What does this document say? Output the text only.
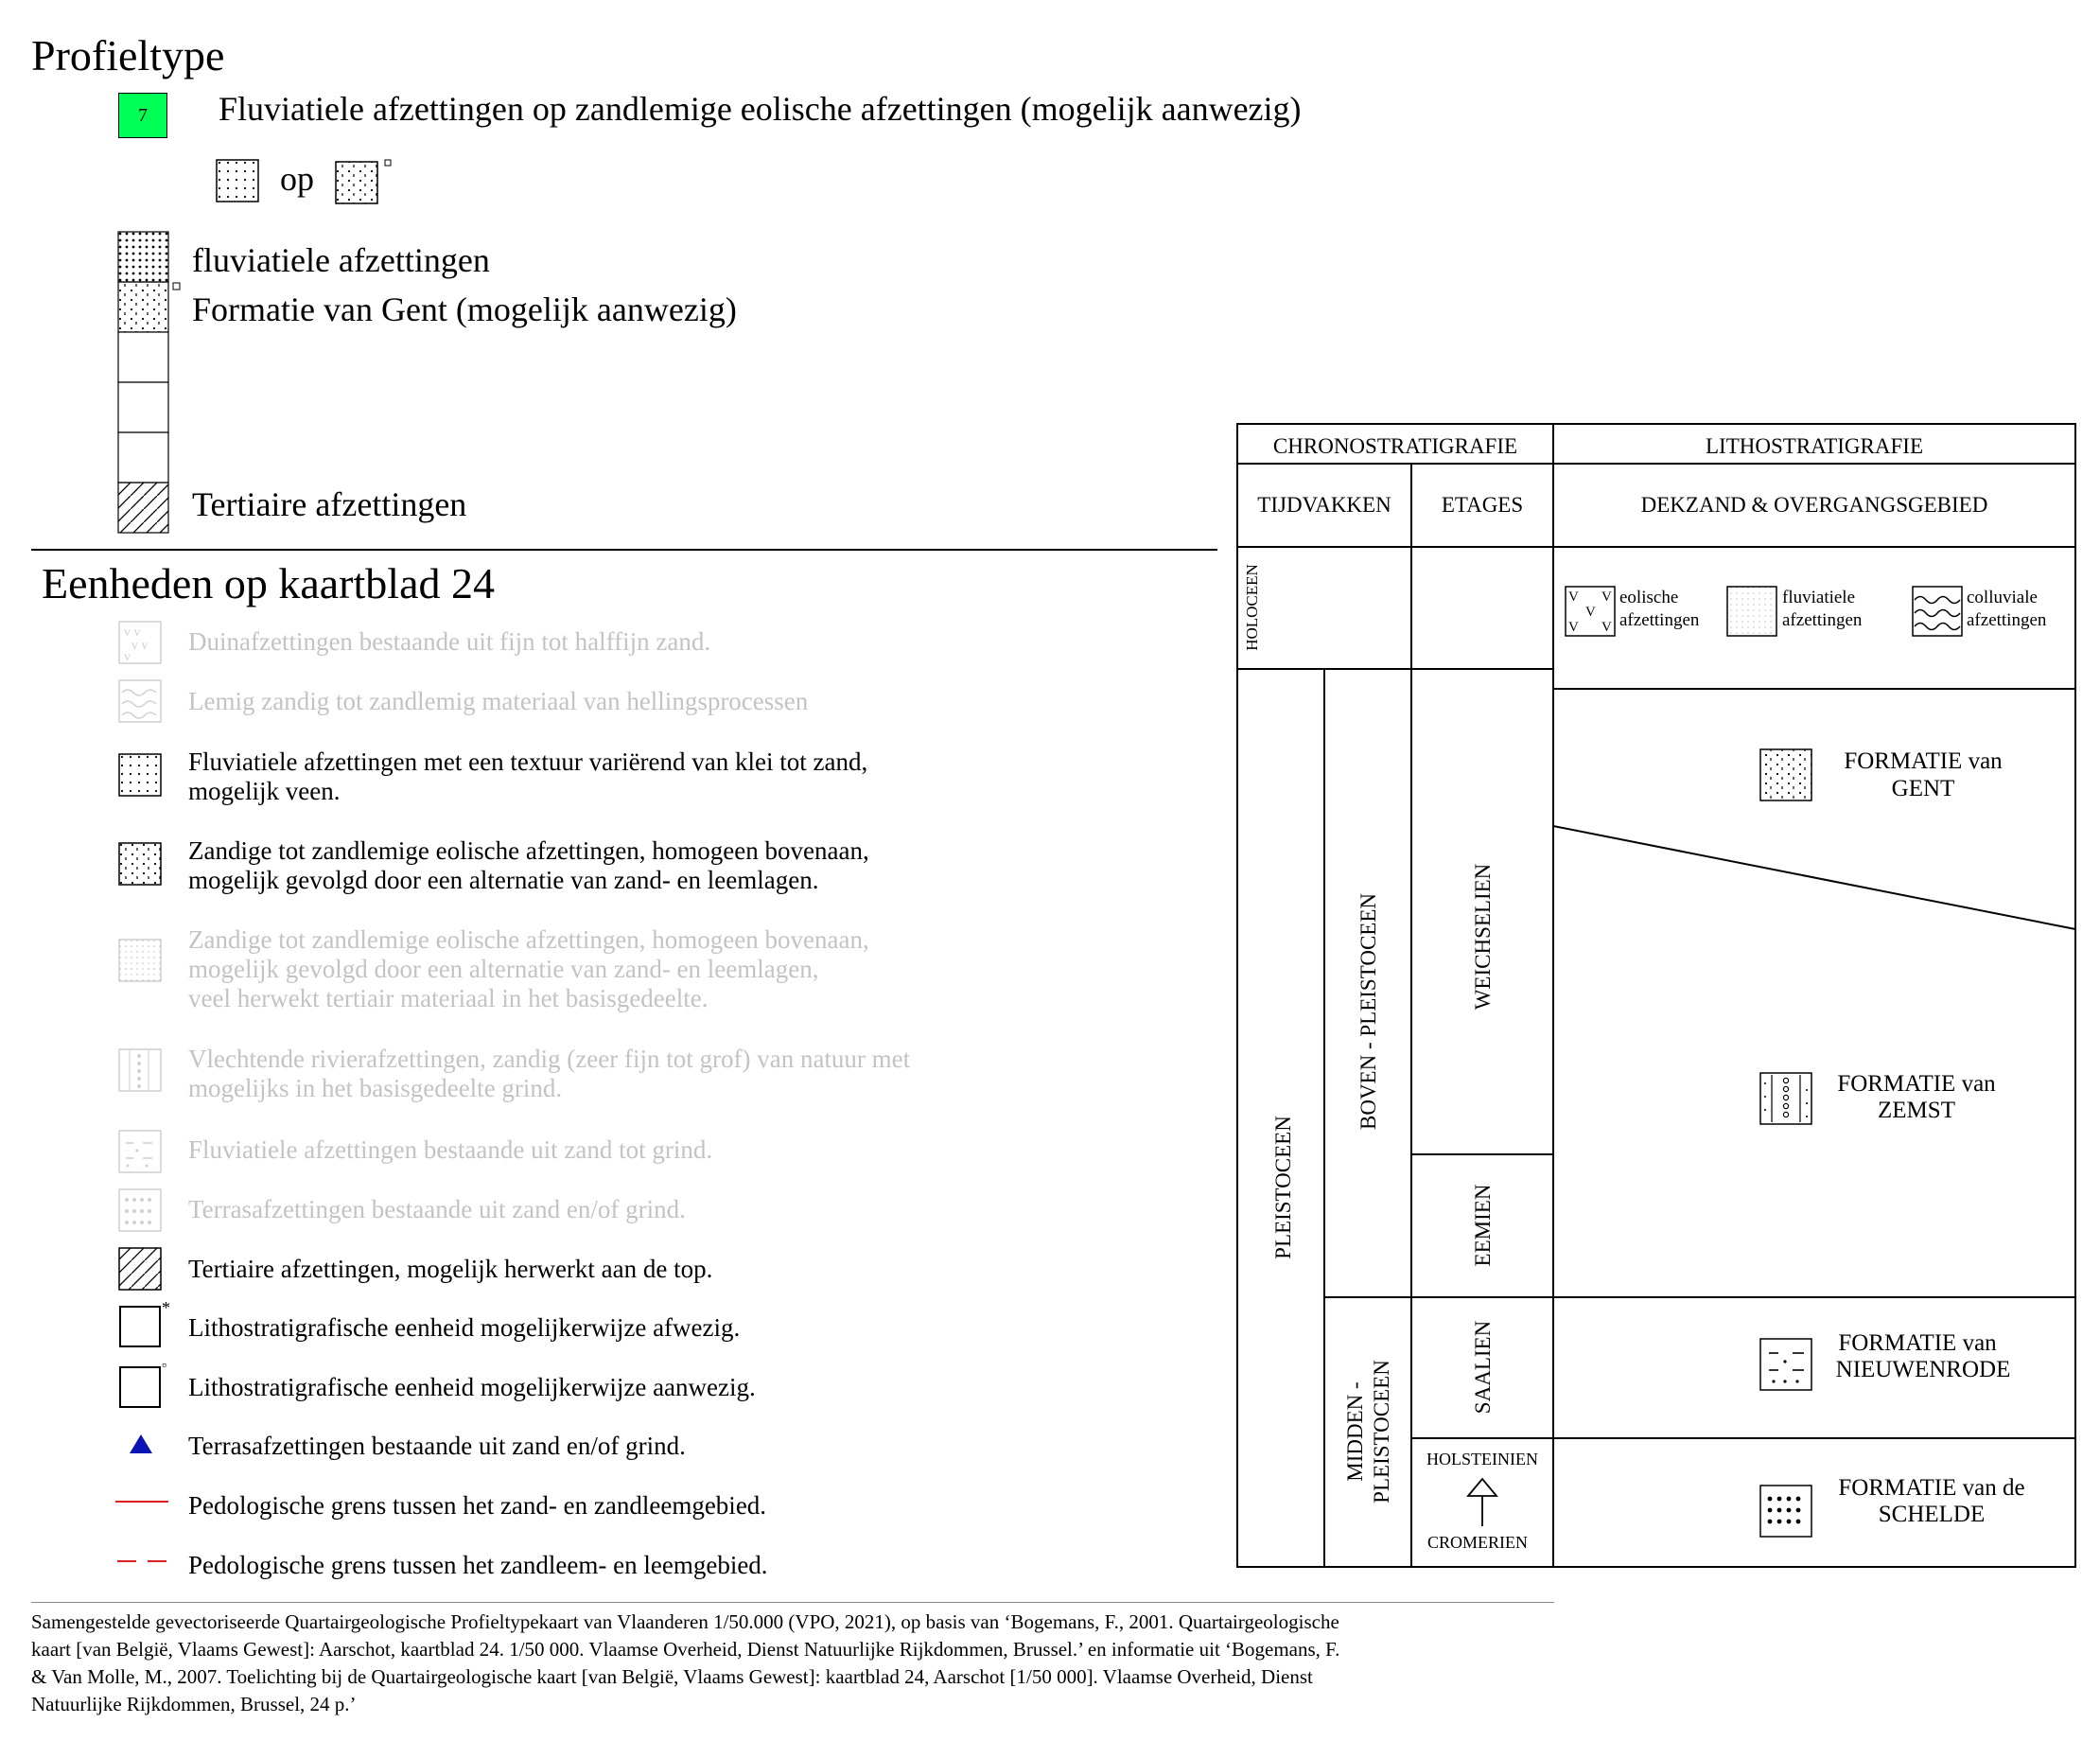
Profieltype
7 Fluviatiele afzettingen op zandlemige eolische afzettingen (mogelijk aanwezig)
op
fluviatiele afzettingen
Formatie van Gent (mogelijk aanwezig)
Tertiaire afzettingen
Eenheden op kaartblad 24
v v
v v
v
Duinafzettingen bestaande uit fijn tot halffijn zand.
Lemig zandig tot zandlemig materiaal van hellingsprocessen
Fluviatiele afzettingen met een textuur variërend van klei tot zand,
mogelijk veen.
Zandige tot zandlemige eolische afzettingen, homogeen bovenaan,
mogelijk gevolgd door een alternatie van zand- en leemlagen.
Zandige tot zandlemige eolische afzettingen, homogeen bovenaan,
mogelijk gevolgd door een alternatie van zand- en leemlagen,
veel herwekt tertiair materiaal in het basisgedeelte.
Vlechtende rivierafzettingen, zandig (zeer fijn tot grof) van natuur met
mogelijks in het basisgedeelte grind.
Fluviatiele afzettingen bestaande uit zand tot grind.
Terrasafzettingen bestaande uit zand en/of grind.
Tertiaire afzettingen, mogelijk herwerkt aan de top.
*
Lithostratigrafische eenheid mogelijkerwijze afwezig.
▫
Lithostratigrafische eenheid mogelijkerwijze aanwezig.
Terrasafzettingen bestaande uit zand en/of grind.
Pedologische grens tussen het zand- en zandleemgebied.
Pedologische grens tussen het zandleem- en leemgebied.
CHRONOSTRATIGRAFIE	LITHOSTRATIGRAFIE
TIJDVAKKEN ETAGES	DEKZAND & OVERGANGSGEBIED
HOLOCEEN
PLEISTOCEEN
BOVEN - PLEISTOCEEN
MIDDEN - PLEISTOCEEN
WEICHSELIEN
EEMIEN
SAALIEN
HOLSTEINIEN
CROMERIEN
V V
V
V V
eolische
afzettingen
fluviatiele
afzettingen
colluviale
afzettingen
FORMATIE van
GENT
FORMATIE van
ZEMST
FORMATIE van
NIEUWENRODE
FORMATIE van de
SCHELDE
Samengestelde gevectoriseerde Quartairgeologische Profieltypekaart van Vlaanderen 1/50.000 (VPO, 2021), op basis van ‘Bogemans, F., 2001. Quartairgeologische
kaart [van België, Vlaams Gewest]: Aarschot, kaartblad 24. 1/50 000. Vlaamse Overheid, Dienst Natuurlijke Rijkdommen, Brussel.’ en informatie uit ‘Bogemans, F.
& Van Molle, M., 2007. Toelichting bij de Quartairgeologische kaart [van België, Vlaams Gewest]: kaartblad 24, Aarschot [1/50 000]. Vlaamse Overheid, Dienst
Natuurlijke Rijkdommen, Brussel, 24 p.’
